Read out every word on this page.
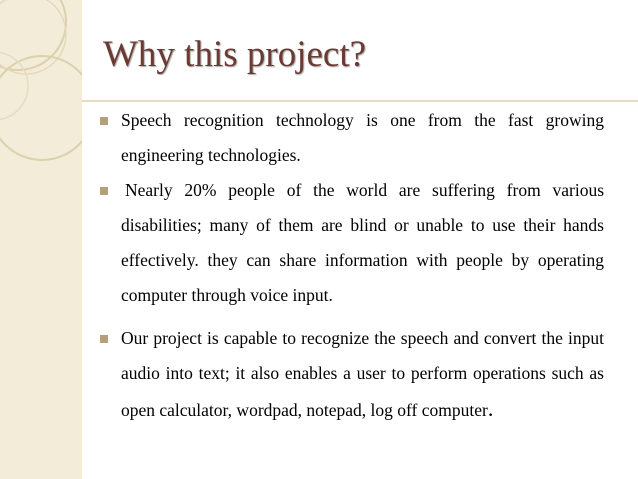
Why this project?
Speech recognition technology is one from the fast growing engineering technologies.
Nearly 20% people of the world are suffering from various disabilities; many of them are blind or unable to use their hands effectively. they can share information with people by operating computer through voice input.
Our project is capable to recognize the speech and convert the input audio into text; it also enables a user to perform operations such as open calculator, wordpad, notepad, log off computer.
